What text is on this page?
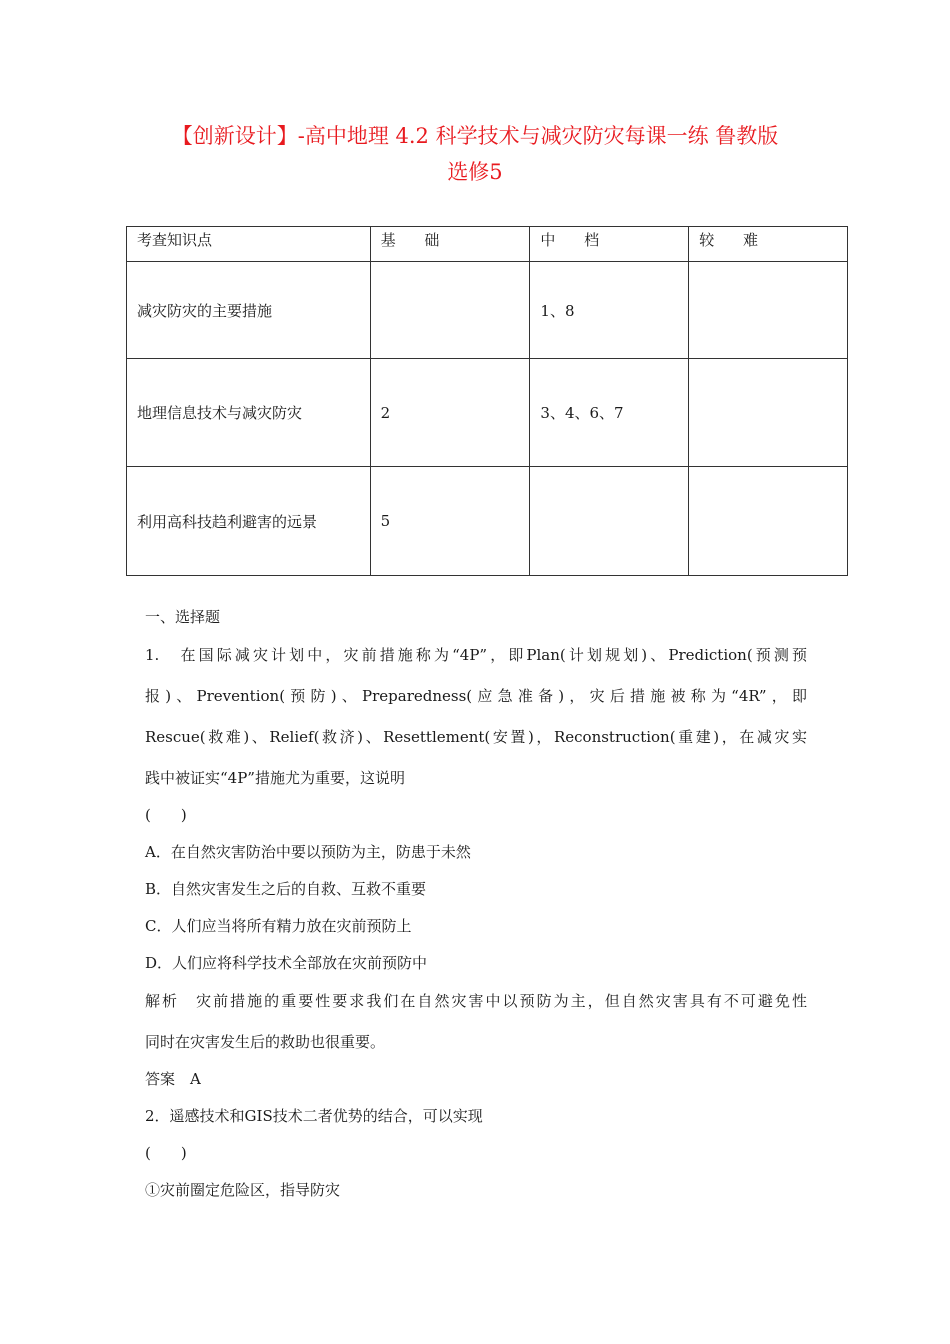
【创新设计】-高中地理 4.2 科学技术与减灾防灾每课一练 鲁教版
选修5
考查知识点	基 础	中 档	较 难
减灾防灾的主要措施		1、8	
地理信息技术与减灾防灾	2	3、4、6、7	
利用高科技趋利避害的远景	5		
一、选择题
1.　在国际减灾计划中，灾前措施称为“4P”，即Plan(计划规划)、Prediction(预测预
报)、Prevention(预防)、Preparedness(应急准备)，灾后措施被称为“4R”，即
Rescue(救难)、Relief(救济)、Resettlement(安置)，Reconstruction(重建)，在减灾实
践中被证实“4P”措施尤为重要，这说明
(　　)
A．在自然灾害防治中要以预防为主，防患于未然
B．自然灾害发生之后的自救、互救不重要
C．人们应当将所有精力放在灾前预防上
D．人们应将科学技术全部放在灾前预防中
解析　灾前措施的重要性要求我们在自然灾害中以预防为主，但自然灾害具有不可避免性
同时在灾害发生后的救助也很重要。
答案　A
2．遥感技术和GIS技术二者优势的结合，可以实现
(　　)
①灾前圈定危险区，指导防灾
